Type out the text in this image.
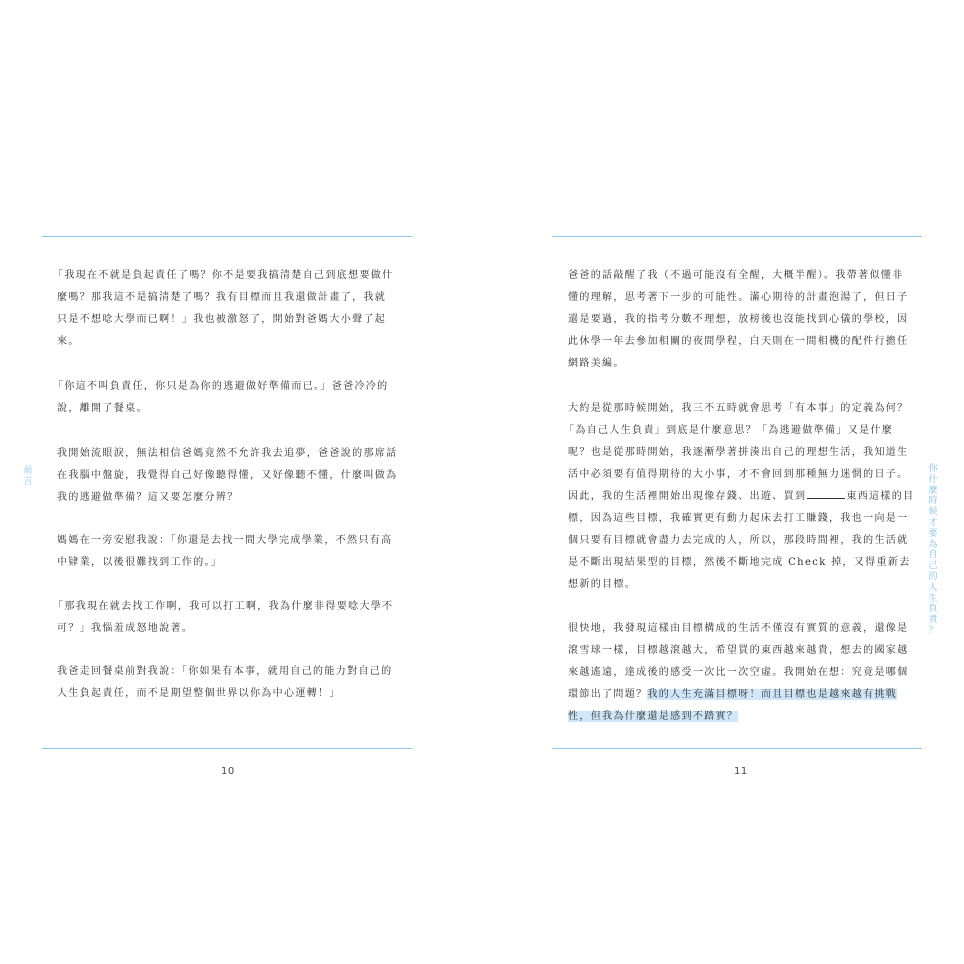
「我現在不就是負起責任了嗎？你不是要我搞清楚自己到底想要做什
麼嗎？那我這不是搞清楚了嗎？我有目標而且我還做計畫了，我就
只是不想唸大學而已啊！」我也被激怒了，開始對爸媽大小聲了起
來。
「你這不叫負責任，你只是為你的逃避做好準備而已。」爸爸冷冷的
說，離開了餐桌。
我開始流眼淚，無法相信爸媽竟然不允許我去追夢，爸爸說的那席話
在我腦中盤旋，我覺得自己好像聽得懂，又好像聽不懂，什麼叫做為
我的逃避做準備？這又要怎麼分辨？
媽媽在一旁安慰我說：「你還是去找一間大學完成學業，不然只有高
中肄業，以後很難找到工作的。」
「那我現在就去找工作啊，我可以打工啊，我為什麼非得要唸大學不
可？」我惱羞成怒地說著。
我爸走回餐桌前對我說：「你如果有本事，就用自己的能力對自己的
人生負起責任，而不是期望整個世界以你為中心運轉！」
10
前
言
爸爸的話敲醒了我（不過可能沒有全醒，大概半醒）。我帶著似懂非
懂的理解，思考著下一步的可能性。滿心期待的計畫泡湯了，但日子
還是要過，我的指考分數不理想，放榜後也沒能找到心儀的學校，因
此休學一年去參加相關的夜間學程，白天則在一間相機的配件行擔任
網路美編。
大約是從那時候開始，我三不五時就會思考「有本事」的定義為何？
「為自己人生負責」到底是什麼意思？「為逃避做準備」又是什麼
呢？也是從那時開始，我逐漸學著拼湊出自己的理想生活，我知道生
活中必須要有值得期待的大小事，才不會回到那種無力迷惘的日子。
因此，我的生活裡開始出現像存錢、出遊、買到	東西這樣的目
標，因為這些目標，我確實更有動力起床去打工賺錢，我也一向是一
個只要有目標就會盡力去完成的人，所以，那段時間裡，我的生活就
是不斷出現結果型的目標，然後不斷地完成 Check 掉，又得重新去
想新的目標。
很快地，我發現這樣由目標構成的生活不僅沒有實質的意義，還像是
滾雪球一樣，目標越滾越大，希望買的東西越來越貴，想去的國家越
來越遙遠，達成後的感受一次比一次空虛。我開始在想：究竟是哪個
環節出了問題？我的人生充滿目標呀！而且目標也是越來越有挑戰
性，但我為什麼還是感到不踏實？
11
你
什
麼
時
候
才
要
為
自
己
的
人
生
負
責
？
